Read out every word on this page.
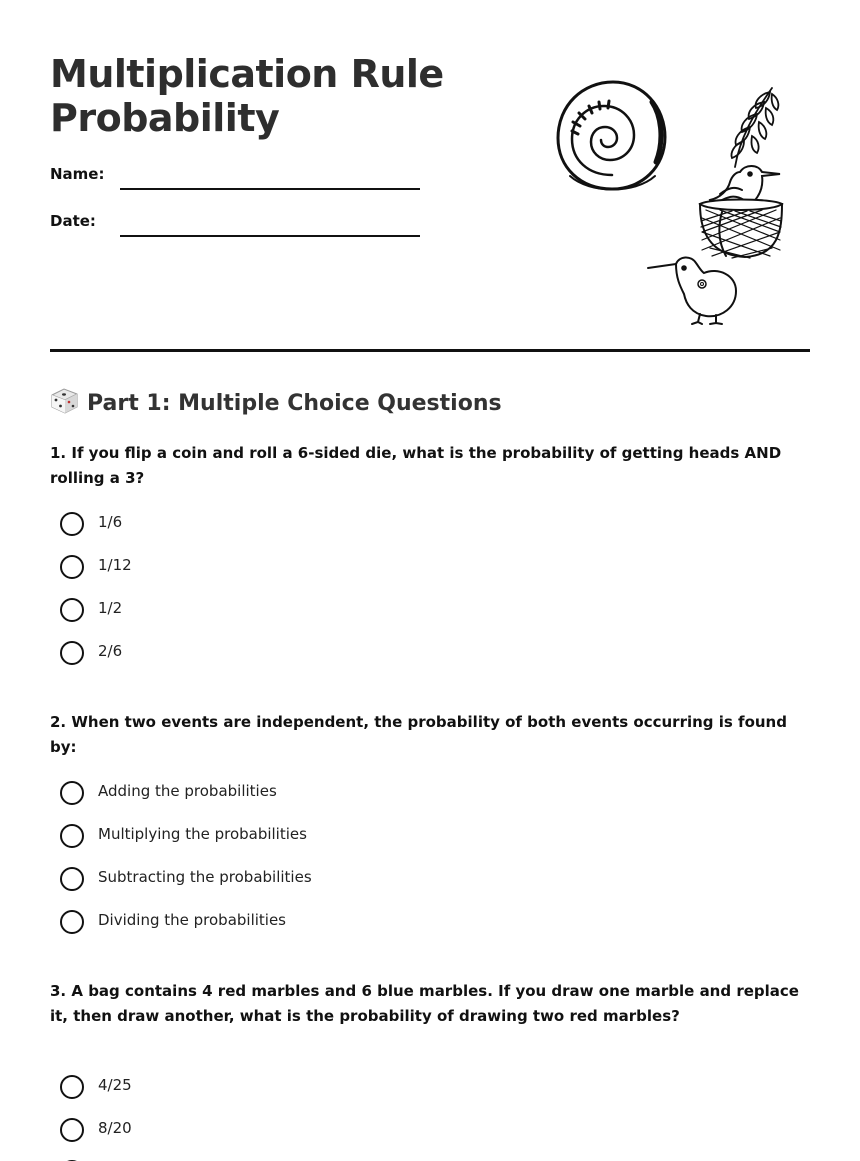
Multiplication Rule
Probability
Name:
Date:
Part 1: Multiple Choice Questions

1. If you flip a coin and roll a 6-sided die, what is the probability of getting heads AND rolling a 3?

1/6
1/12
1/2
2/6

2. When two events are independent, the probability of both events occurring is found by:

Adding the probabilities
Multiplying the probabilities
Subtracting the probabilities
Dividing the probabilities

3. A bag contains 4 red marbles and 6 blue marbles. If you draw one marble and replace it, then draw another, what is the probability of drawing two red marbles?

4/25
8/20
